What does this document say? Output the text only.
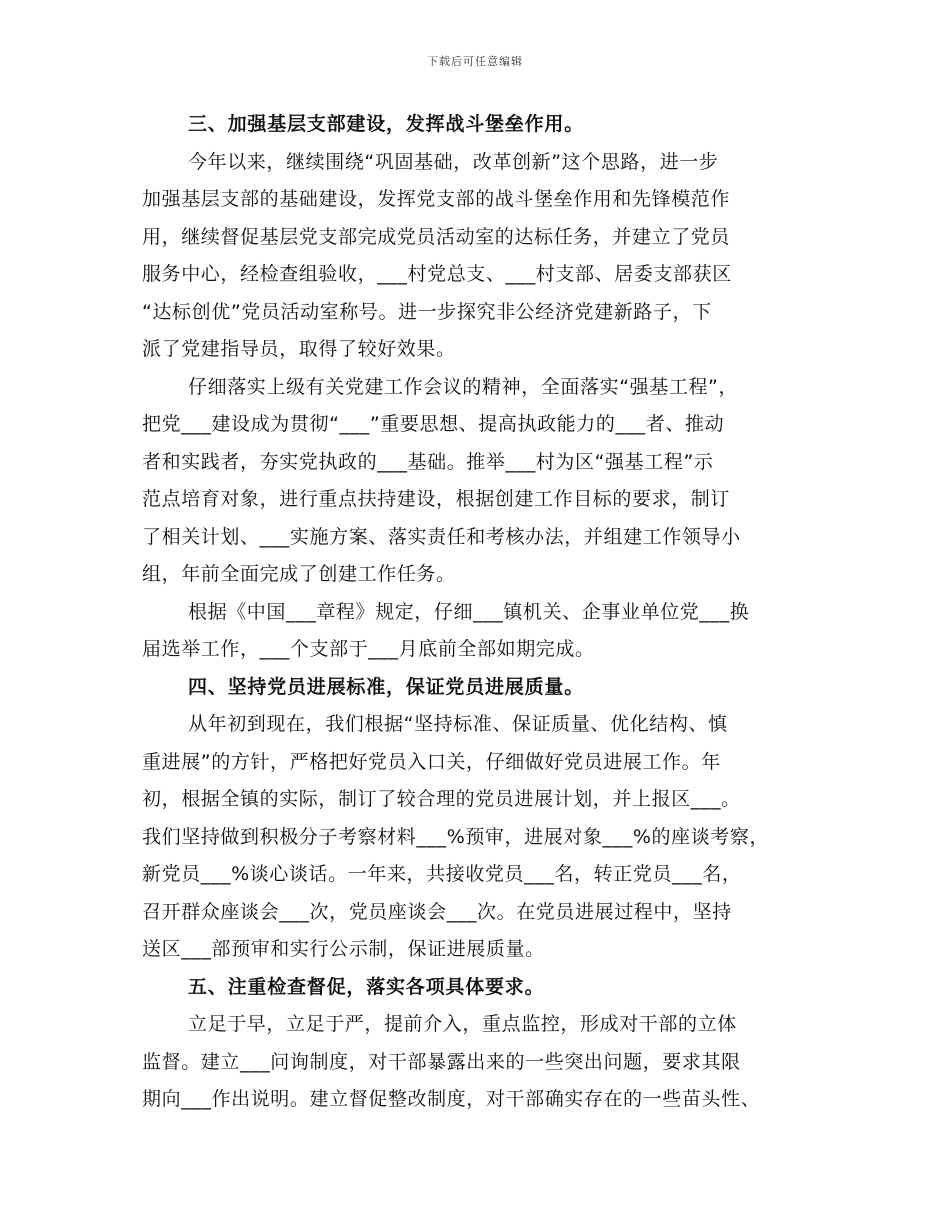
下载后可任意编辑
三、加强基层支部建设，发挥战斗堡垒作用。
今年以来，继续围绕“巩固基础，改革创新”这个思路，进一步
加强基层支部的基础建设，发挥党支部的战斗堡垒作用和先锋模范作
用，继续督促基层党支部完成党员活动室的达标任务，并建立了党员
服务中心，经检查组验收，___村党总支、___村支部、居委支部获区
“达标创优”党员活动室称号。进一步探究非公经济党建新路子，下
派了党建指导员，取得了较好效果。
仔细落实上级有关党建工作会议的精神，全面落实“强基工程”，
把党___建设成为贯彻“___”重要思想、提高执政能力的___者、推动
者和实践者，夯实党执政的___基础。推举___村为区“强基工程”示
范点培育对象，进行重点扶持建设，根据创建工作目标的要求，制订
了相关计划、___实施方案、落实责任和考核办法，并组建工作领导小
组，年前全面完成了创建工作任务。
根据《中国___章程》规定，仔细___镇机关、企事业单位党___换
届选举工作，___个支部于___月底前全部如期完成。
四、坚持党员进展标准，保证党员进展质量。
从年初到现在，我们根据“坚持标准、保证质量、优化结构、慎
重进展”的方针，严格把好党员入口关，仔细做好党员进展工作。年
初，根据全镇的实际，制订了较合理的党员进展计划，并上报区___。
我们坚持做到积极分子考察材料___%预审，进展对象___%的座谈考察，
新党员___%谈心谈话。一年来，共接收党员___名，转正党员___名，
召开群众座谈会___次，党员座谈会___次。在党员进展过程中，坚持
送区___部预审和实行公示制，保证进展质量。
五、注重检查督促，落实各项具体要求。
立足于早，立足于严，提前介入，重点监控，形成对干部的立体
监督。建立___问询制度，对干部暴露出来的一些突出问题，要求其限
期向___作出说明。建立督促整改制度，对干部确实存在的一些苗头性、
